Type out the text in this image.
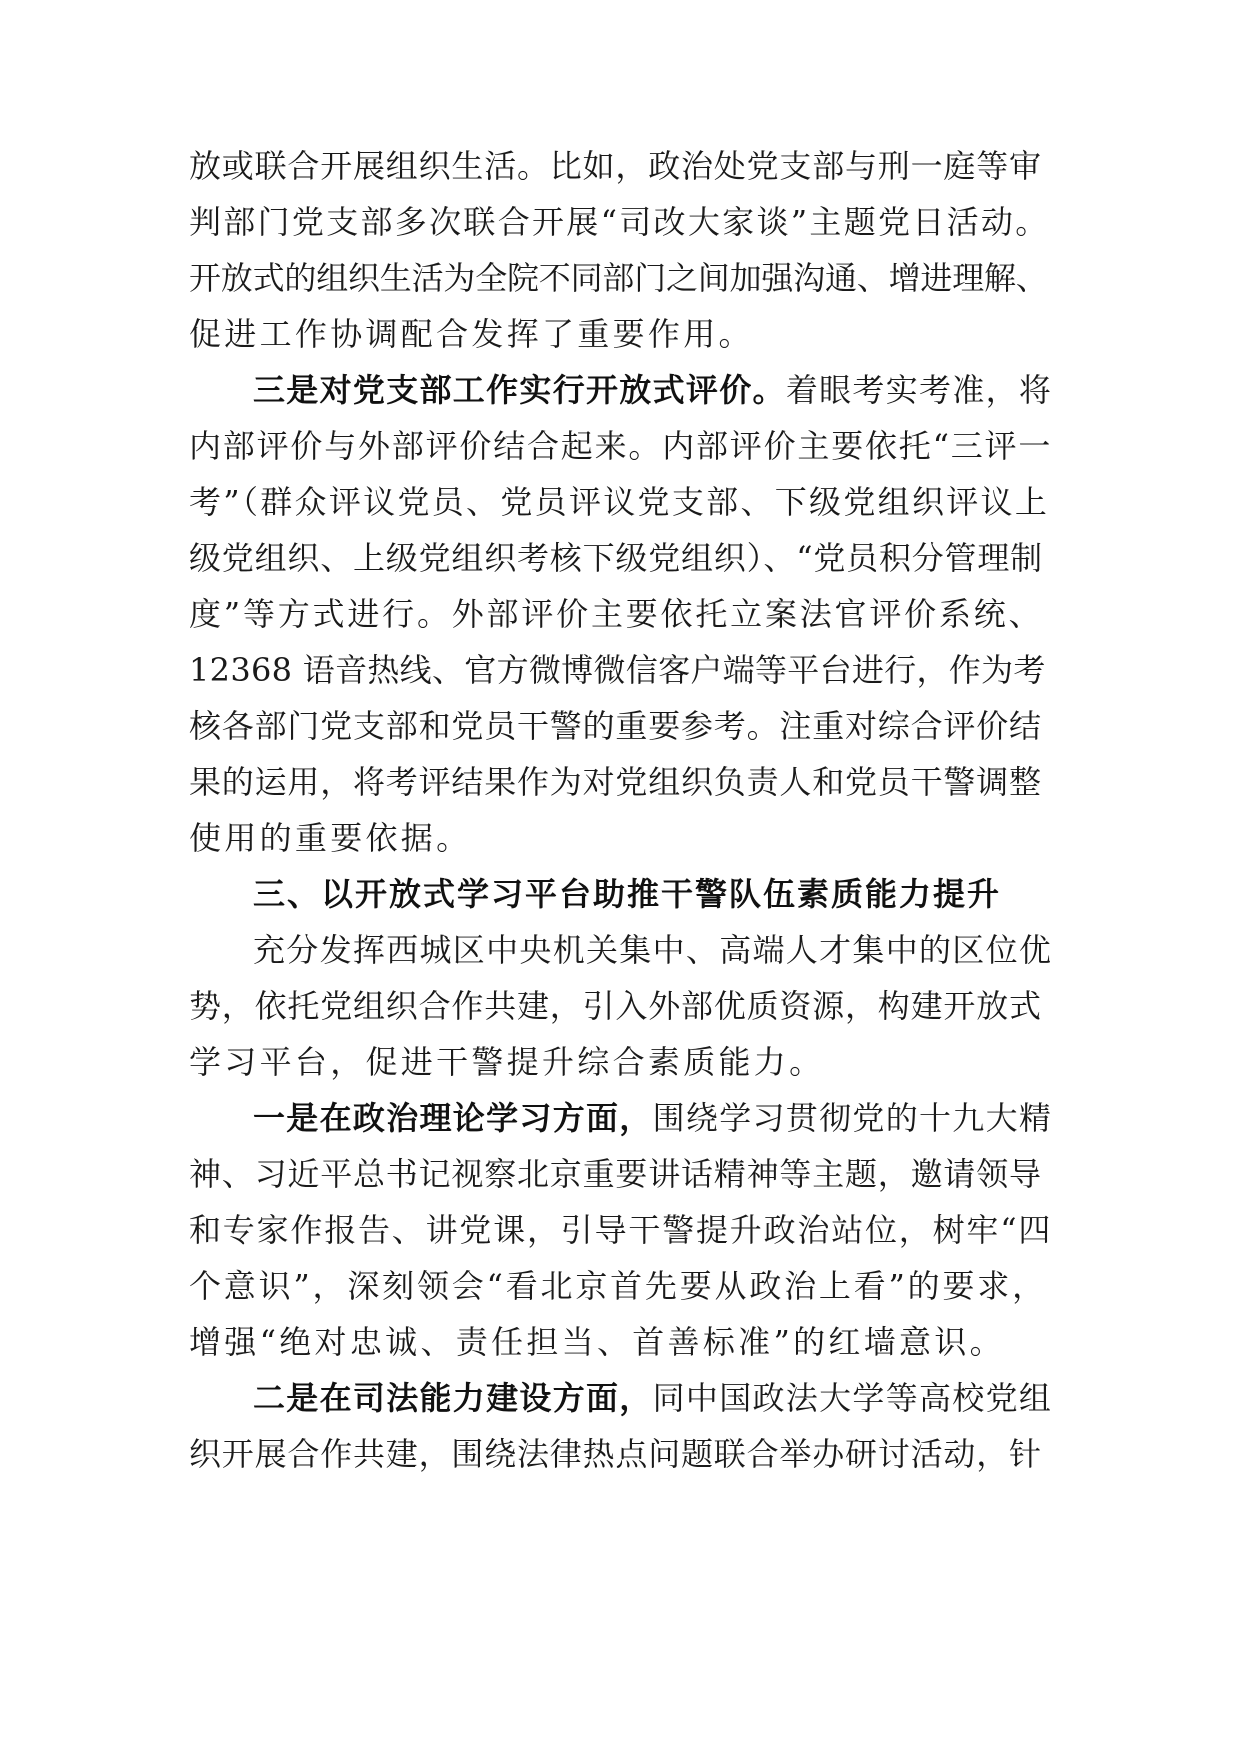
放或联合开展组织生活。比如，政治处党支部与刑一庭等审
判部门党支部多次联合开展“司改大家谈”主题党日活动。
开放式的组织生活为全院不同部门之间加强沟通、增进理解、
促进工作协调配合发挥了重要作用。
三是对党支部工作实行开放式评价。着眼考实考准，将
内部评价与外部评价结合起来。内部评价主要依托“三评一
考”（群众评议党员、党员评议党支部、下级党组织评议上
级党组织、上级党组织考核下级党组织）、“党员积分管理制
度”等方式进行。外部评价主要依托立案法官评价系统、
12368 语音热线、官方微博微信客户端等平台进行，作为考
核各部门党支部和党员干警的重要参考。注重对综合评价结
果的运用，将考评结果作为对党组织负责人和党员干警调整
使用的重要依据。
三、以开放式学习平台助推干警队伍素质能力提升
充分发挥西城区中央机关集中、高端人才集中的区位优
势，依托党组织合作共建，引入外部优质资源，构建开放式
学习平台，促进干警提升综合素质能力。
一是在政治理论学习方面，围绕学习贯彻党的十九大精
神、习近平总书记视察北京重要讲话精神等主题，邀请领导
和专家作报告、讲党课，引导干警提升政治站位，树牢“四
个意识”，深刻领会“看北京首先要从政治上看”的要求，
增强“绝对忠诚、责任担当、首善标准”的红墙意识。
二是在司法能力建设方面，同中国政法大学等高校党组
织开展合作共建，围绕法律热点问题联合举办研讨活动，针
